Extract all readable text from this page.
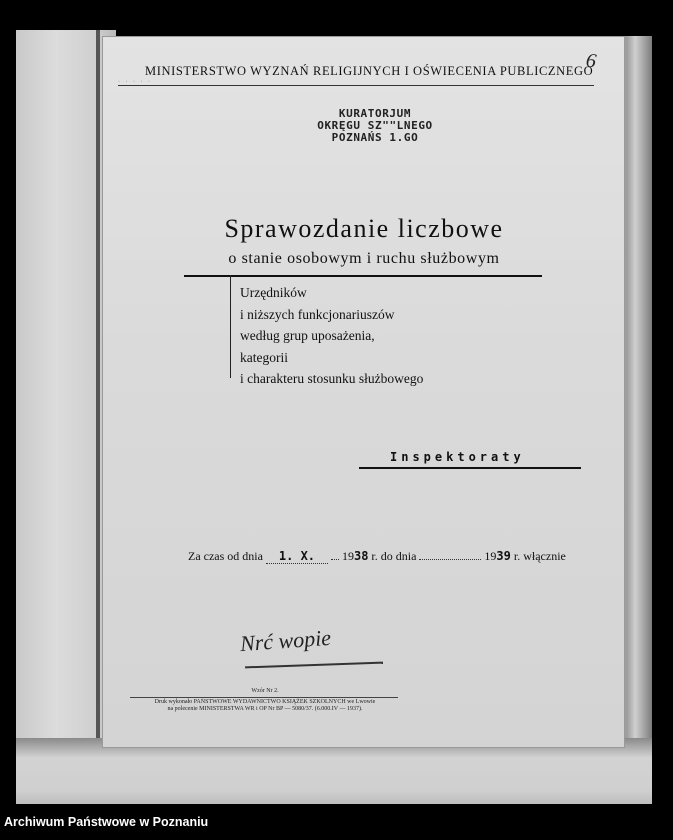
· · · · ·
MINISTERSTWO WYZNAŃ RELIGIJNYCH I OŚWIECENIA PUBLICZNEGO
6
KURATORJUM
OKRĘGU SZ""LNEGO
POZNAŃS 1.GO
Sprawozdanie liczbowe
o stanie osobowym i ruchu służbowym
Urzędników
i niższych funkcjonariuszów
według grup uposażenia,
kategorii
i charakteru stosunku służbowego
Inspektoraty
Za czas od dnia 1. X. 1938 r. do dnia	1939 r. włącznie
Nrć wopie
Wzór Nr 2.
Druk wykonało PAŃSTWOWE WYDAWNICTWO KSIĄŻEK SZKOLNYCH we Lwowie
na polecenie MINISTERSTWA WR i OP Nr BP — 5080/37. (6.000.IV — 1937).
Archiwum Państwowe w Poznaniu
